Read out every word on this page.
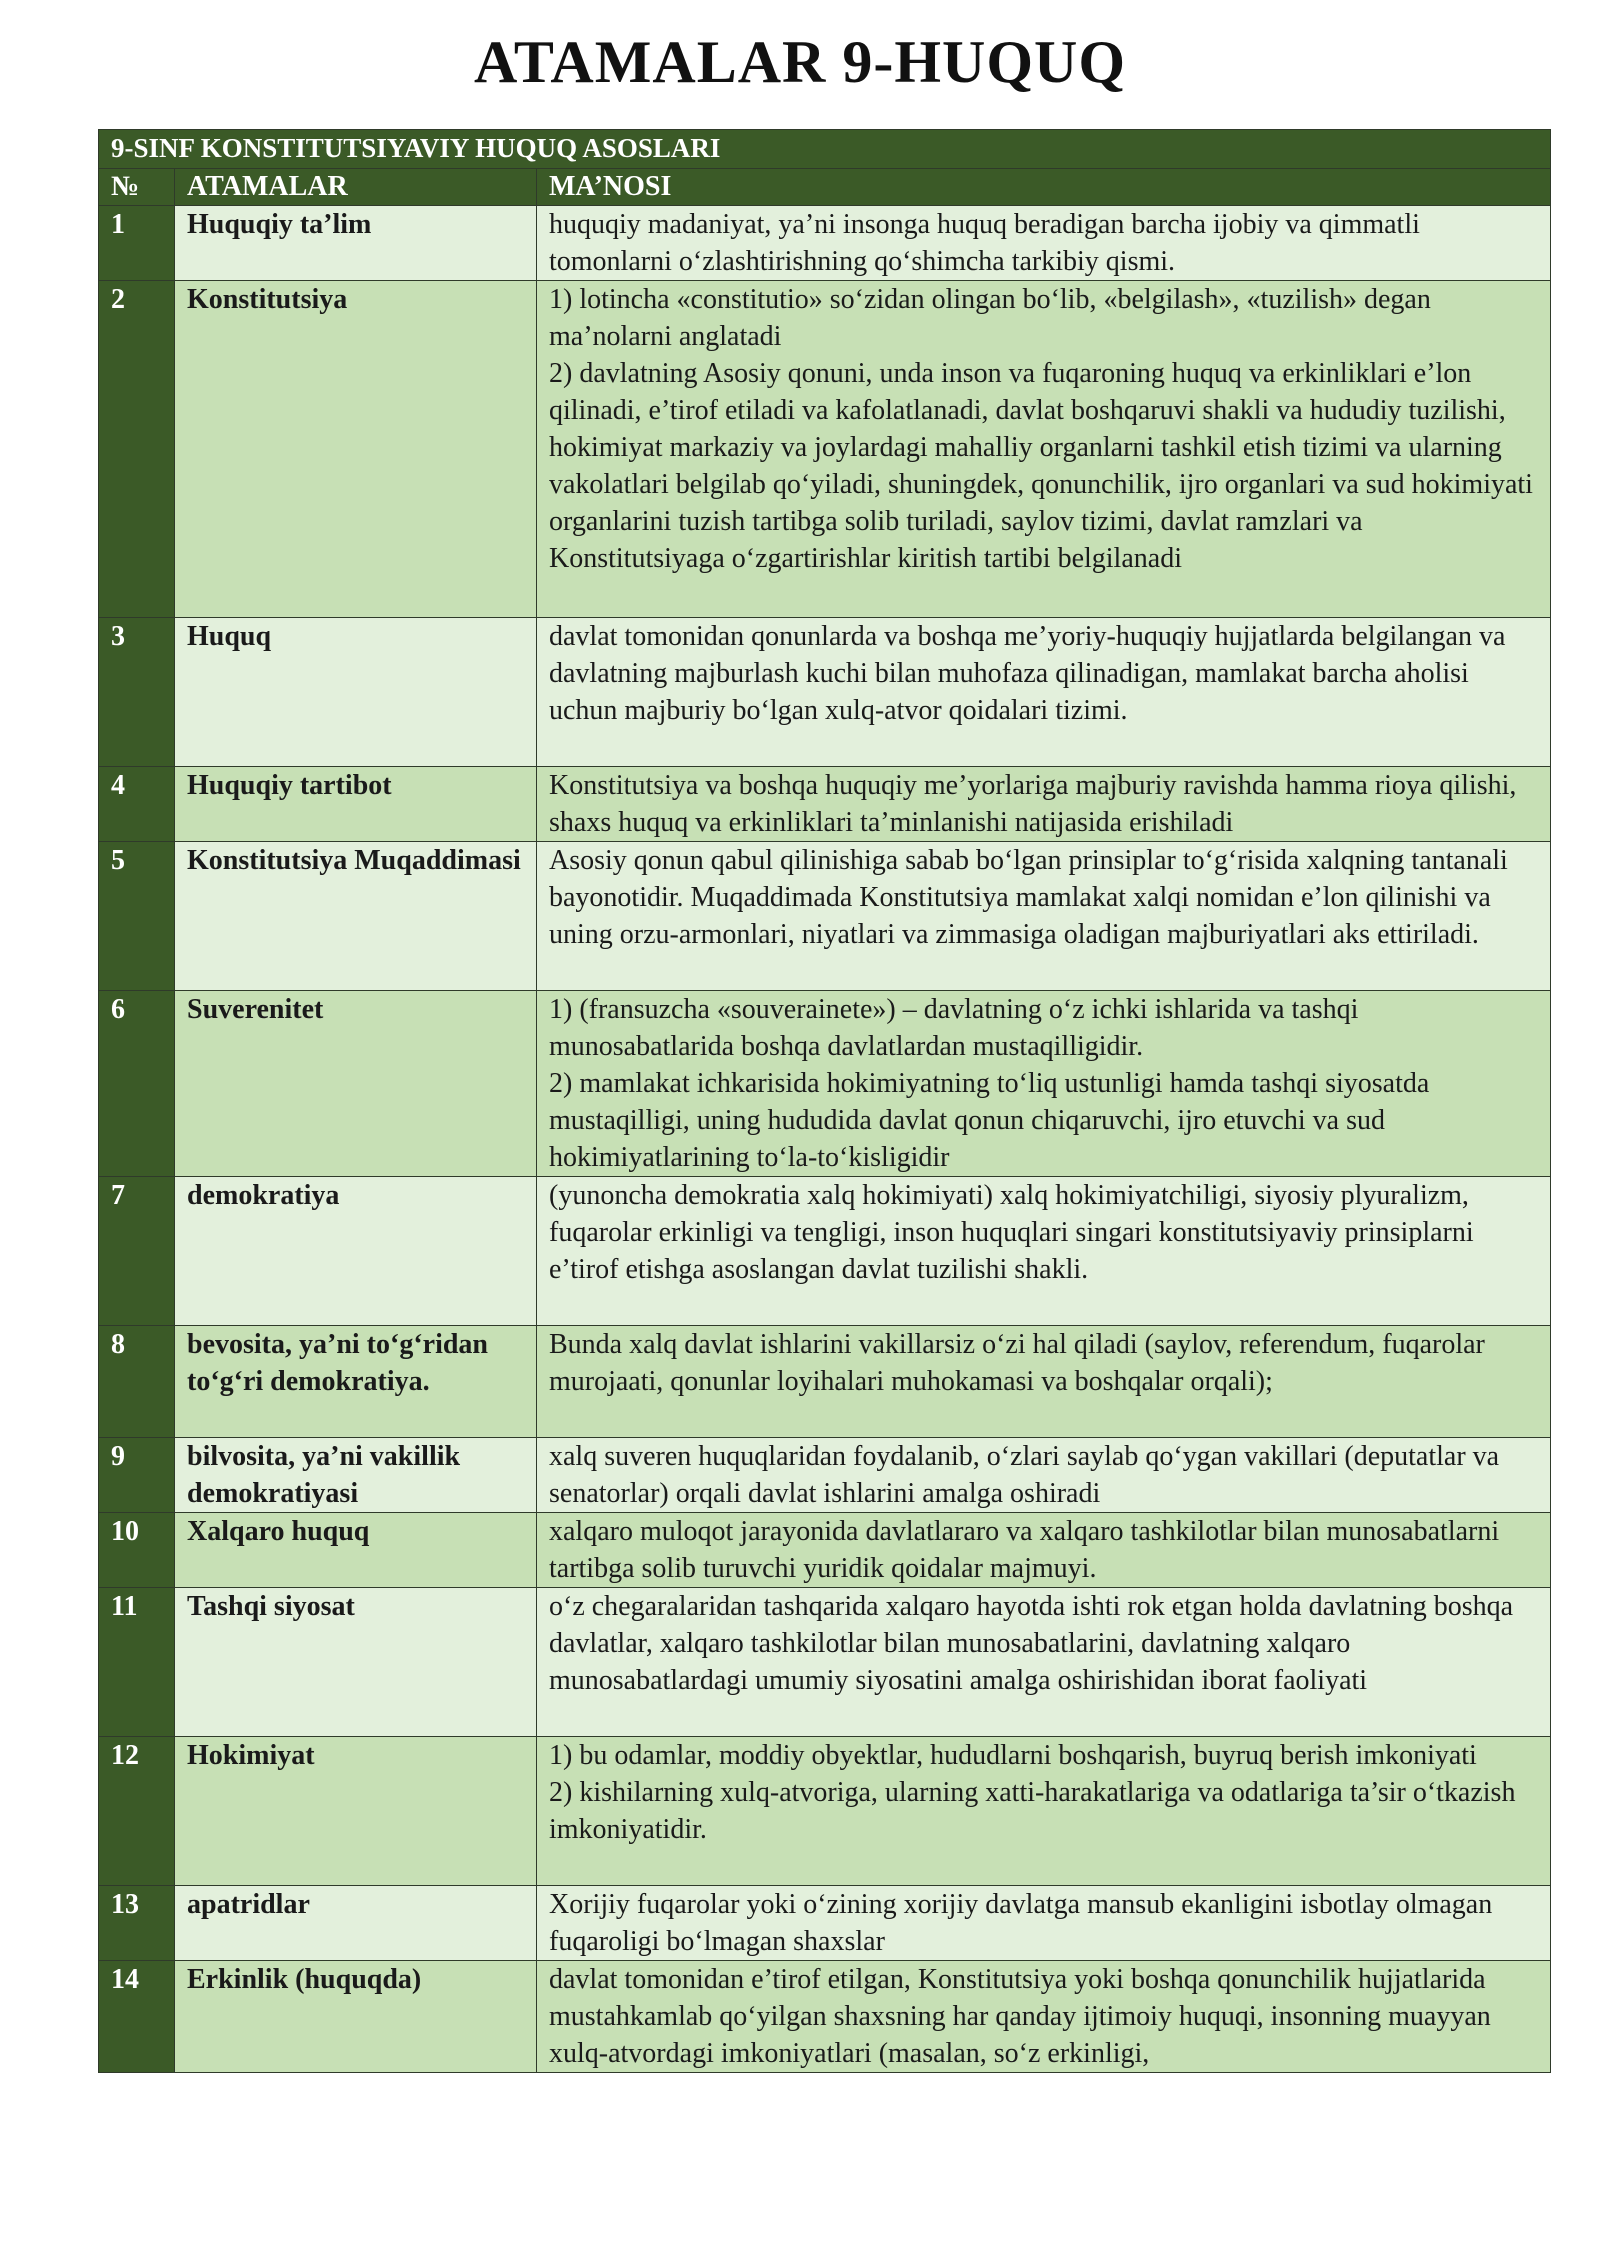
ATAMALAR 9-HUQUQ
9-SINF KONSTITUTSIYAVIY HUQUQ ASOSLARI		
№	ATAMALAR	MA’NOSI
1	Huquqiy ta’lim	huquqiy madaniyat, ya’ni insonga huquq beradigan barcha ijobiy va qimmatli tomonlarni o‘zlashtirishning qo‘shimcha tarkibiy qismi.

2	Konstitutsiya	1) lotincha «constitutio» so‘zidan olingan bo‘lib, «belgilash», «tuzilish» degan ma’nolarni anglatadi
2) davlatning Asosiy qonuni, unda inson va fuqaroning huquq va erkinliklari e’lon qilinadi, e’tirof etiladi va kafolatlanadi, davlat boshqaruvi shakli va hududiy tuzilishi, hokimiyat markaziy va joylardagi mahalliy organlarni tashkil etish tizimi va ularning vakolatlari belgilab qo‘yiladi, shuningdek, qonunchilik, ijro organlari va sud hokimiyati organlarini tuzish tartibga solib turiladi, saylov tizimi, davlat ramzlari va Konstitutsiyaga o‘zgartirishlar kiritish tartibi belgilanadi

3	Huquq	davlat tomonidan qonunlarda va boshqa me’yoriy-huquqiy hujjatlarda belgilangan va davlatning majburlash kuchi bilan muhofaza qilinadigan, mamlakat barcha aholisi uchun majburiy bo‘lgan xulq-atvor qoidalari tizimi.

4	Huquqiy tartibot	Konstitutsiya va boshqa huquqiy me’yorlariga majburiy ravishda hamma rioya qilishi, shaxs huquq va erkinliklari ta’minlanishi natijasida erishiladi

5	Konstitutsiya Muqaddimasi	Asosiy qonun qabul qilinishiga sabab bo‘lgan prinsiplar to‘g‘risida xalqning tantanali bayonotidir. Muqaddimada Konstitutsiya mamlakat xalqi nomidan e’lon qilinishi va uning orzu-armonlari, niyatlari va zimmasiga oladigan majburiyatlari aks ettiriladi.

6	Suverenitet	1) (fransuzcha «souverainete») – davlatning o‘z ichki ishlarida va tashqi munosabatlarida boshqa davlatlardan mustaqilligidir.
2) mamlakat ichkarisida hokimiyatning to‘liq ustunligi hamda tashqi siyosatda mustaqilligi, uning hududida davlat qonun chiqaruvchi, ijro etuvchi va sud hokimiyatlarining to‘la-to‘kisligidir

7	demokratiya	(yunoncha demokratia xalq hokimiyati) xalq hokimiyatchiligi, siyosiy plyuralizm, fuqarolar erkinligi va tengligi, inson huquqlari singari konstitutsiyaviy prinsiplarni e’tirof etishga asoslangan davlat tuzilishi shakli.

8	bevosita, ya’ni to‘g‘ridan to‘g‘ri demokratiya.	Bunda xalq davlat ishlarini vakillarsiz o‘zi hal qiladi (saylov, referendum, fuqarolar murojaati, qonunlar loyihalari muhokamasi va boshqalar orqali);

9	bilvosita, ya’ni vakillik demokratiyasi	xalq suveren huquqlaridan foydalanib, o‘zlari saylab qo‘ygan vakillari (deputatlar va senatorlar) orqali davlat ishlarini amalga oshiradi

10	Xalqaro huquq	xalqaro muloqot jarayonida davlatlararo va xalqaro tashkilotlar bilan munosabatlarni tartibga solib turuvchi yuridik qoidalar majmuyi.

11	Tashqi siyosat	o‘z chegaralaridan tashqarida xalqaro hayotda ishti rok etgan holda davlatning boshqa davlatlar, xalqaro tashkilotlar bilan munosabatlarini, davlatning xalqaro munosabatlardagi umumiy siyosatini amalga oshirishidan iborat faoliyati

12	Hokimiyat	1) bu odamlar, moddiy obyektlar, hududlarni boshqarish, buyruq berish imkoniyati
2) kishilarning xulq-atvoriga, ularning xatti-harakatlariga va odatlariga ta’sir o‘tkazish imkoniyatidir.

13	apatridlar	Xorijiy fuqarolar yoki o‘zining xorijiy davlatga mansub ekanligini isbotlay olmagan fuqaroligi bo‘lmagan shaxslar

14	Erkinlik (huquqda)	davlat tomonidan e’tirof etilgan, Konstitutsiya yoki boshqa qonunchilik hujjatlarida mustahkamlab qo‘yilgan shaxsning har qanday ijtimoiy huquqi, insonning muayyan xulq-atvordagi imkoniyatlari (masalan, so‘z erkinligi,
